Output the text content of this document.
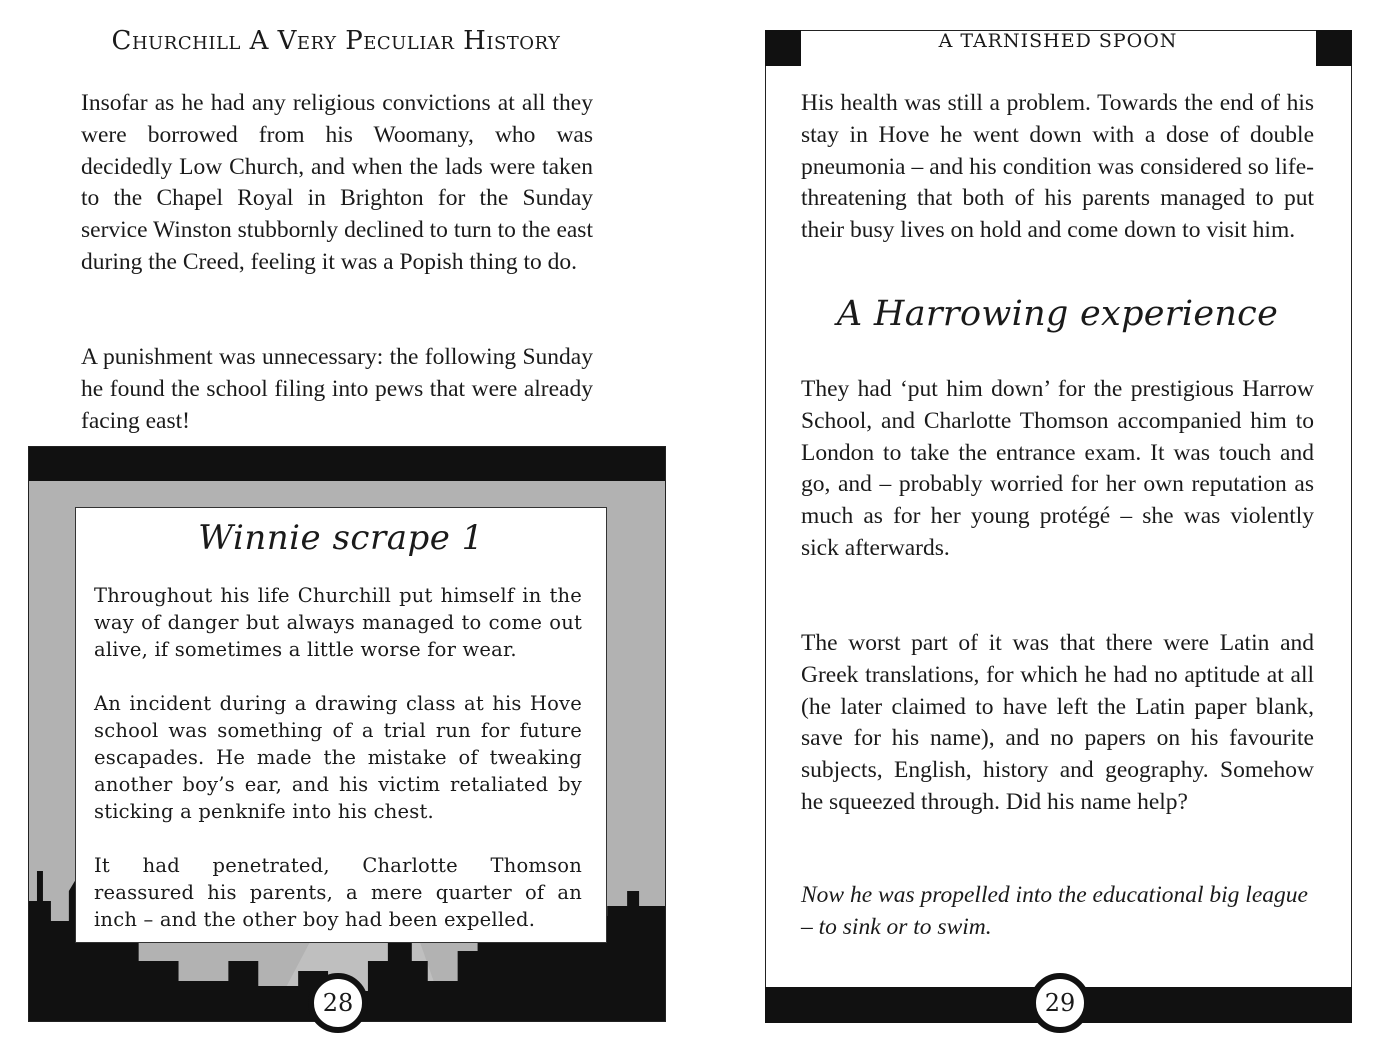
Churchill A Very Peculiar History

Insofar as he had any religious convictions at all they were borrowed from his Woomany, who was decidedly Low Church, and when the lads were taken to the Chapel Royal in Brighton for the Sunday service Winston stubbornly declined to turn to the east during the Creed, feeling it was a Popish thing to do.

A punishment was unnecessary: the following Sunday he found the school filing into pews that were already facing east!

Winnie scrape 1

Throughout his life Churchill put himself in the way of danger but always managed to come out alive, if sometimes a little worse for wear.

An incident during a drawing class at his Hove school was something of a trial run for future escapades. He made the mistake of tweaking another boy’s ear, and his victim retaliated by sticking a penknife into his chest.

It had penetrated, Charlotte Thomson reassured his parents, a mere quarter of an inch – and the other boy had been expelled.

28
A TARNISHED SPOON

His health was still a problem. Towards the end of his stay in Hove he went down with a dose of double pneumonia – and his condition was considered so life-threatening that both of his parents managed to put their busy lives on hold and come down to visit him.

A Harrowing experience

They had ‘put him down’ for the prestigious Harrow School, and Charlotte Thomson accompanied him to London to take the entrance exam. It was touch and go, and – probably worried for her own reputation as much as for her young protégé – she was violently sick afterwards.

The worst part of it was that there were Latin and Greek translations, for which he had no aptitude at all (he later claimed to have left the Latin paper blank, save for his name), and no papers on his favourite subjects, English, history and geography. Somehow he squeezed through. Did his name help?

Now he was propelled into the educational big league – to sink or to swim.

29
